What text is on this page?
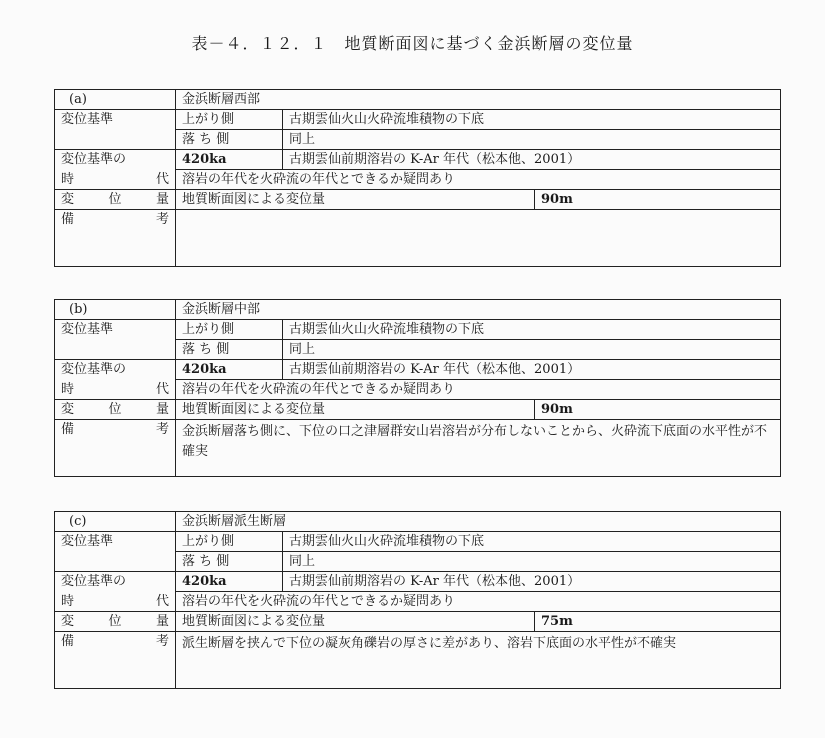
表－４．１２．１　地質断面図に基づく金浜断層の変位量
(a)	金浜断層西部		
変位基準	上がり側	古期雲仙火山火砕流堆積物の下底	
	落 ち 側	同上	
変位基準の	420ka	古期雲仙前期溶岩の K-Ar 年代（松本他、2001）	
時　　代	溶岩の年代を火砕流の年代とできるか疑問あり		
変　位　量	地質断面図による変位量		90m
備　　考			
(b)	金浜断層中部		
変位基準	上がり側	古期雲仙火山火砕流堆積物の下底	
	落 ち 側	同上	
変位基準の	420ka	古期雲仙前期溶岩の K-Ar 年代（松本他、2001）	
時　　代	溶岩の年代を火砕流の年代とできるか疑問あり		
変　位　量	地質断面図による変位量		90m
備　　考	金浜断層落ち側に、下位の口之津層群安山岩溶岩が分布しないことから、火砕流下底面の水平性が不確実		
(c)	金浜断層派生断層		
変位基準	上がり側	古期雲仙火山火砕流堆積物の下底	
	落 ち 側	同上	
変位基準の	420ka	古期雲仙前期溶岩の K-Ar 年代（松本他、2001）	
時　　代	溶岩の年代を火砕流の年代とできるか疑問あり		
変　位　量	地質断面図による変位量		75m
備　　考	派生断層を挟んで下位の凝灰角礫岩の厚さに差があり、溶岩下底面の水平性が不確実		
